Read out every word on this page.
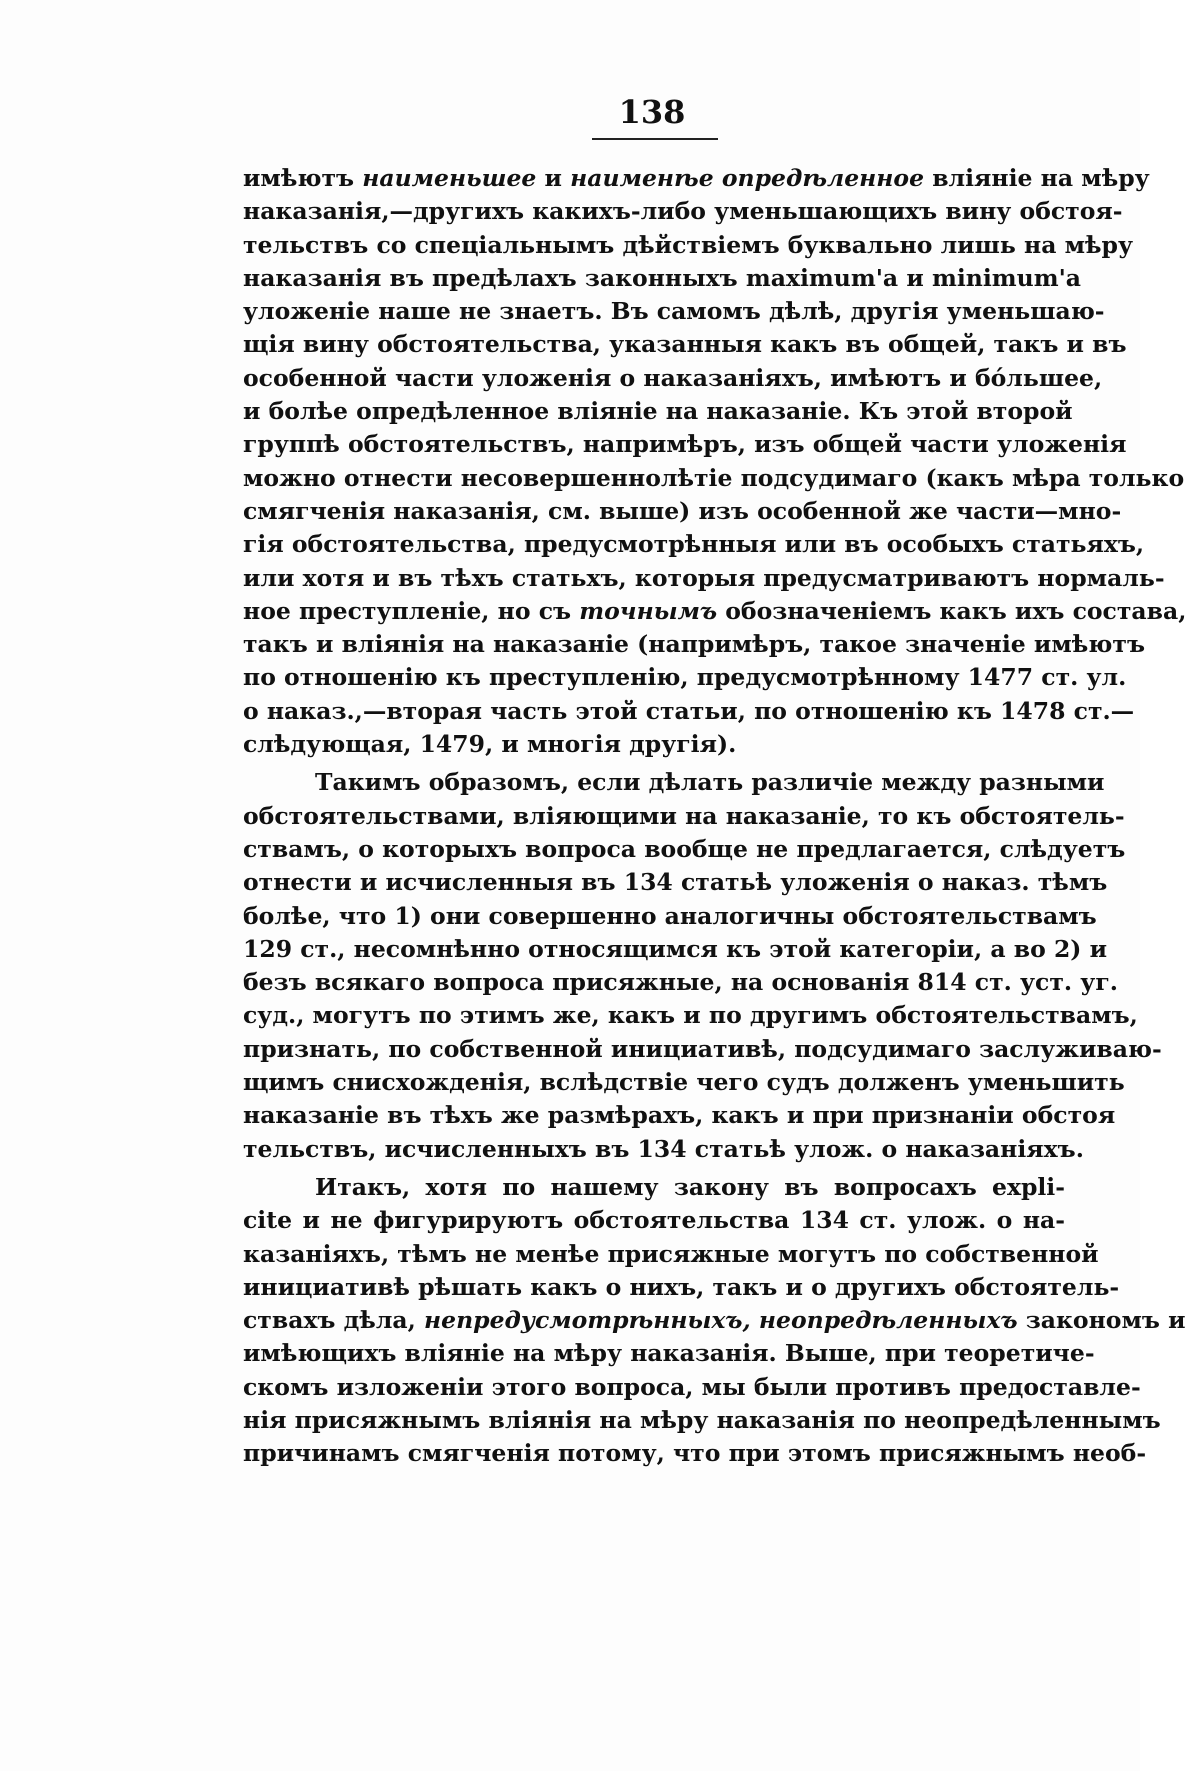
138
имѣютъ наименьшее и наименѣе опредѣленное вліяніе на мѣру
наказанія,—другихъ какихъ-либо уменьшающихъ вину обстоя-
тельствъ со спеціальнымъ дѣйствіемъ буквально лишь на мѣру
наказанія въ предѣлахъ законныхъ maximum'а и minimum'а
уложеніе наше не знаетъ. Въ самомъ дѣлѣ, другія уменьшаю-
щія вину обстоятельства, указанныя какъ въ общей, такъ и въ
особенной части уложенія о наказаніяхъ, имѣютъ и бóльшее,
и болѣе опредѣленное вліяніе на наказаніе. Къ этой второй
группѣ обстоятельствъ, напримѣръ, изъ общей части уложенія
можно отнести несовершеннолѣтіе подсудимаго (какъ мѣра только
смягченія наказанія, см. выше) изъ особенной же части—мно-
гія обстоятельства, предусмотрѣнныя или въ особыхъ статьяхъ,
или хотя и въ тѣхъ статьхъ, которыя предусматриваютъ нормаль-
ное преступленіе, но съ точнымъ обозначеніемъ какъ ихъ состава,
такъ и вліянія на наказаніе (напримѣръ, такое значеніе имѣютъ
по отношенію къ преступленію, предусмотрѣнному 1477 ст. ул.
о наказ.,—вторая часть этой статьи, по отношенію къ 1478 ст.—
слѣдующая, 1479, и многія другія).
Такимъ образомъ, если дѣлать различіе между разными
обстоятельствами, вліяющими на наказаніе, то къ обстоятель-
ствамъ, о которыхъ вопроса вообще не предлагается, слѣдуетъ
отнести и исчисленныя въ 134 статьѣ уложенія о наказ. тѣмъ
болѣе, что 1) они совершенно аналогичны обстоятельствамъ
129 ст., несомнѣнно относящимся къ этой категоріи, а во 2) и
безъ всякаго вопроса присяжные, на основанія 814 ст. уст. уг.
суд., могутъ по этимъ же, какъ и по другимъ обстоятельствамъ,
признать, по собственной инициативѣ, подсудимаго заслуживаю-
щимъ снисхожденія, вслѣдствіе чего судъ долженъ уменьшить
наказаніе въ тѣхъ же размѣрахъ, какъ и при признаніи обстоя
тельствъ, исчисленныхъ въ 134 статьѣ улож. о наказаніяхъ.
Итакъ, хотя по нашему закону въ вопросахъ expli-
cite и не фигурируютъ обстоятельства 134 ст. улож. о на-
казаніяхъ, тѣмъ не менѣе присяжные могутъ по собственной
инициативѣ рѣшать какъ о нихъ, такъ и о другихъ обстоятель-
ствахъ дѣла, непредусмотрѣнныхъ, неопредѣленныхъ закономъ и
имѣющихъ вліяніе на мѣру наказанія. Выше, при теоретиче-
скомъ изложеніи этого вопроса, мы были противъ предоставле-
нія присяжнымъ вліянія на мѣру наказанія по неопредѣленнымъ
причинамъ смягченія потому, что при этомъ присяжнымъ необ-
